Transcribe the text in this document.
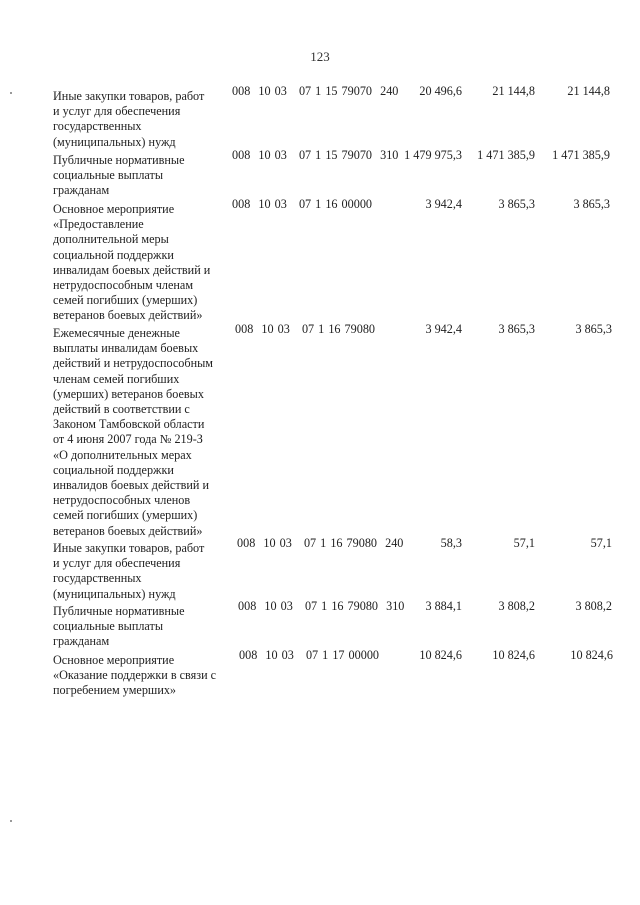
123
Иные закупки товаров, работ
и услуг для обеспечения
государственных
(муниципальных) нужд
008  10 03   07 1 15 79070  240	20 496,6	21 144,8	21 144,8
Публичные нормативные
социальные выплаты
гражданам
008  10 03   07 1 15 79070  310 1 479 975,3	1 471 385,9	1 471 385,9
Основное мероприятие
«Предоставление
дополнительной меры
социальной поддержки
инвалидам боевых действий и
нетрудоспособным членам
семей погибших (умерших)
ветеранов боевых действий»
008  10 03   07 1 16 00000	3 942,4	3 865,3	3 865,3
Ежемесячные денежные
выплаты инвалидам боевых
действий и нетрудоспособным
членам семей погибших
(умерших) ветеранов боевых
действий в соответствии с
Законом Тамбовской области
от 4 июня 2007 года № 219-З
«О дополнительных мерах
социальной поддержки
инвалидов боевых действий и
нетрудоспособных членов
семей погибших (умерших)
ветеранов боевых действий»
008  10 03   07 1 16 79080	3 942,4	3 865,3	3 865,3
Иные закупки товаров, работ
и услуг для обеспечения
государственных
(муниципальных) нужд
008  10 03   07 1 16 79080  240	58,3	57,1	57,1
Публичные нормативные
социальные выплаты
гражданам
008  10 03   07 1 16 79080  310	3 884,1	3 808,2	3 808,2
Основное мероприятие
«Оказание поддержки в связи с
погребением умерших»
008  10 03   07 1 17 00000	10 824,6	10 824,6	10 824,6
